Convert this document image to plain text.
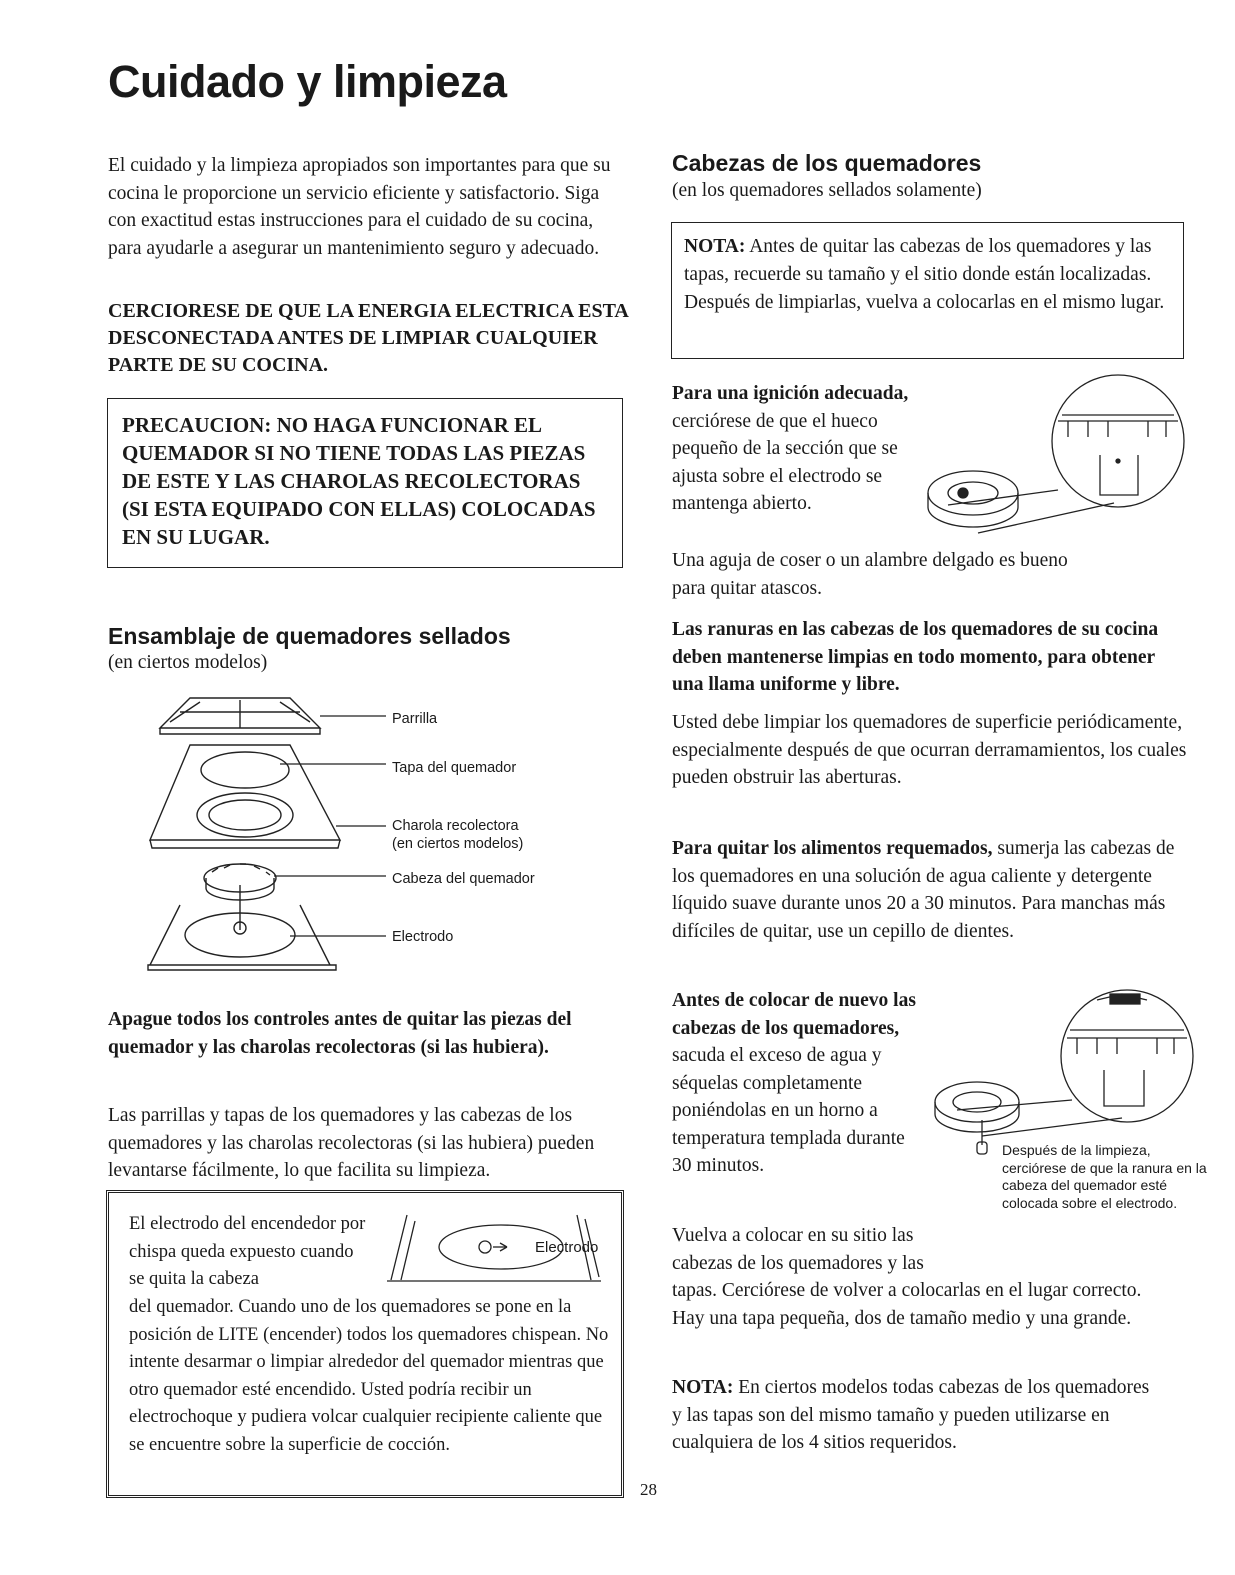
Cuidado y limpieza

El cuidado y la limpieza apropiados son importantes para que su cocina le proporcione un servicio eficiente y satisfactorio. Siga con exactitud estas instrucciones para el cuidado de su cocina, para ayudarle a asegurar un mantenimiento seguro y adecuado.

CERCIORESE DE QUE LA ENERGIA ELECTRICA ESTA DESCONECTADA ANTES DE LIMPIAR CUALQUIER PARTE DE SU COCINA.

PRECAUCION: NO HAGA FUNCIONAR EL QUEMADOR SI NO TIENE TODAS LAS PIEZAS DE ESTE Y LAS CHAROLAS RECOLECTORAS (SI ESTA EQUIPADO CON ELLAS) COLOCADAS EN SU LUGAR.

Ensamblaje de quemadores sellados

(en ciertos modelos)

Parrilla
Tapa del quemador
Charola recolectora
(en ciertos modelos)
Cabeza del quemador
Electrodo

Apague todos los controles antes de quitar las piezas del quemador y las charolas recolectoras (si las hubiera).

Las parrillas y tapas de los quemadores y las cabezas de los quemadores y las charolas recolectoras (si las hubiera) pueden levantarse fácilmente, lo que facilita su limpieza.

El electrodo del encendedor por chispa queda expuesto cuando se quita la cabeza

Electrodo

del quemador. Cuando uno de los quemadores se pone en la posición de LITE (encender) todos los quemadores chispean. No intente desarmar o limpiar alrededor del quemador mientras que otro quemador esté encendido. Usted podría recibir un electrochoque y pudiera volcar cualquier recipiente caliente que se encuentre sobre la superficie de cocción.

28
Cabezas de los quemadores

(en los quemadores sellados solamente)

NOTA: Antes de quitar las cabezas de los quemadores y las tapas, recuerde su tamaño y el sitio donde están localizadas. Después de limpiarlas, vuelva a colocarlas en el mismo lugar.

Para una ignición adecuada, cerciórese de que el hueco pequeño de la sección que se ajusta sobre el electrodo se mantenga abierto.

Una aguja de coser o un alambre delgado es bueno para quitar atascos.

Las ranuras en las cabezas de los quemadores de su cocina deben mantenerse limpias en todo momento, para obtener una llama uniforme y libre.

Usted debe limpiar los quemadores de superficie periódicamente, especialmente después de que ocurran derramamientos, los cuales pueden obstruir las aberturas.

Para quitar los alimentos requemados, sumerja las cabezas de los quemadores en una solución de agua caliente y detergente líquido suave durante unos 20 a 30 minutos. Para manchas más difíciles de quitar, use un cepillo de dientes.

Antes de colocar de nuevo las cabezas de los quemadores, sacuda el exceso de agua y séquelas completamente poniéndolas en un horno a temperatura templada durante 30 minutos.

Después de la limpieza, cerciórese de que la ranura en la cabeza del quemador esté colocada sobre el electrodo.

Vuelva a colocar en su sitio las cabezas de los quemadores y las

tapas. Cerciórese de volver a colocarlas en el lugar correcto. Hay una tapa pequeña, dos de tamaño medio y una grande.

NOTA: En ciertos modelos todas cabezas de los quemadores y las tapas son del mismo tamaño y pueden utilizarse en cualquiera de los 4 sitios requeridos.
